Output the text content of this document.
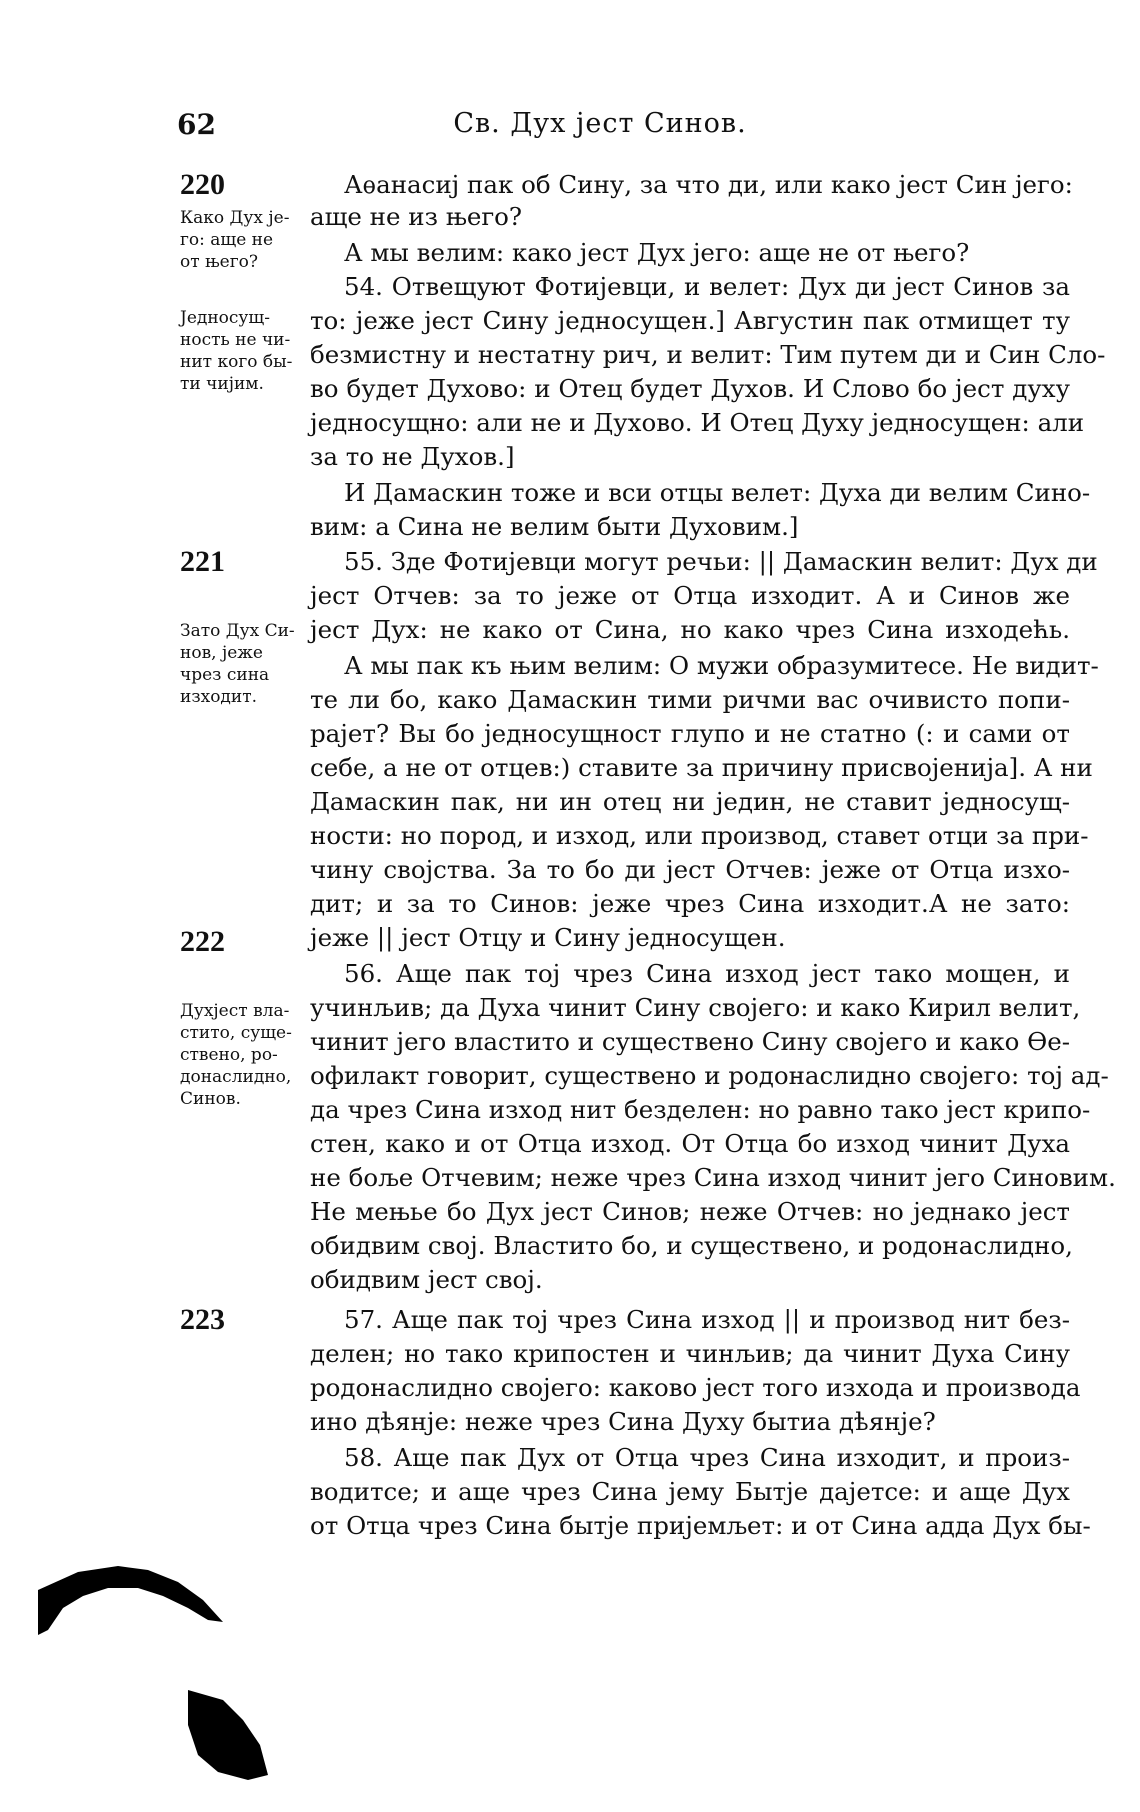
62	Св. Дух јест Синов.
220
221
222
223
Како Дух је-
го: аще не
от њего?
Једносущ-
ность не чи-
нит кого бы-
ти чијим.
Зато Дух Си-
нов, јеже
чрез сина
изходит.
Духјест вла-
стито, суще-
ствено, ро-
донаслидно,
Синов.
Аѳанасиј пак об Сину, за что ди, или како јест Син јего:
аще не из њего?
А мы велим: како јест Дух јего: аще не от њего?
54. Отвещуют Фотијевци, и велет: Дух ди јест Синов за
то: јеже јест Сину једносущен.] Августин пак отмищет ту
безмистну и нестатну рич, и велит: Тим путем ди и Син Сло-
во будет Духово: и Отец будет Духов. И Слово бо јест духу
једносущно: али не и Духово. И Отец Духу једносущен: али
за то не Духов.]
И Дамаскин тоже и вси отцы велет: Духа ди велим Сино-
вим: а Сина не велим быти Духовим.]
55. Зде Фотијевци могут речьи: || Дамаскин велит: Дух ди
јест Отчев: за то јеже от Отца изходит. А и Синов же
јест Дух: не како от Сина, но како чрез Сина изходећь.
А мы пак къ њим велим: О мужи образумитесе. Не видит-
те ли бо, како Дамаскин тими ричми вас очивисто попи-
рајет? Вы бо једносущност глупо и не статно (: и сами от
себе, а не от отцев:) ставите за причину присвојенија]. А ни
Дамаскин пак, ни ин отец ни једин, не ставит једносущ-
ности: но пород, и изход, или производ, ставет отци за при-
чину својства. За то бо ди јест Отчев: јеже от Отца изхо-
дит; и за то Синов: јеже чрез Сина изходит.А не зато:
јеже || јест Отцу и Сину једносущен.
56. Аще пак тој чрез Сина изход јест тако мощен, и
учинљив; да Духа чинит Сину својего: и како Кирил велит,
чинит јего властито и существено Сину својего и како Ѳе-
офилакт говорит, существено и родонаслидно својего: тој ад-
да чрез Сина изход нит безделен: но равно тако јест крипо-
стен, како и от Отца изход. От Отца бо изход чинит Духа
не боље Отчевим; неже чрез Сина изход чинит јего Синовим.
Не мењье бо Дух јест Синов; неже Отчев: но једнако јест
обидвим свој. Властито бо, и существено, и родонаслидно,
обидвим јест свој.
57. Аще пак тој чрез Сина изход || и производ нит без-
делен; но тако крипостен и чинљив; да чинит Духа Сину
родонаслидно својего: каково јест того изхода и производа
ино дѣянје: неже чрез Сина Духу бытиа дѣянје?
58. Аще пак Дух от Отца чрез Сина изходит, и произ-
водитсе; и аще чрез Сина јему Бытје дајетсе: и аще Дух
от Отца чрез Сина бытје пријемљет: и от Сина адда Дух бы-
